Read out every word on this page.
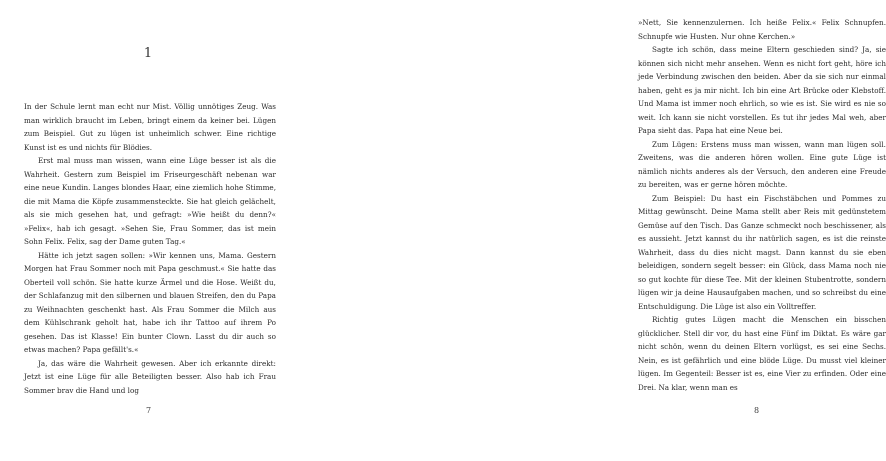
1

In der Schule lernt man echt nur Mist. Völlig unnötiges Zeug. Was man wirklich braucht im Leben, bringt einem da keiner bei. Lügen zum Beispiel. Gut zu lügen ist unheimlich schwer. Eine richtige Kunst ist es und nichts für Blödies.

Erst mal muss man wissen, wann eine Lüge besser ist als die Wahrheit. Gestern zum Beispiel im Friseurgeschäft nebenan war eine neue Kundin. Langes blondes Haar, eine ziemlich hohe Stimme, die mit Mama die Köpfe zusammensteckte. Sie hat gleich gelächelt, als sie mich gesehen hat, und gefragt: »Wie heißt du denn?« »Felix«, hab ich gesagt. »Sehen Sie, Frau Sommer, das ist mein Sohn Felix. Felix, sag der Dame guten Tag.«

Hätte ich jetzt sagen sollen: »Wir kennen uns, Mama. Gestern Morgen hat Frau Sommer noch mit Papa geschmust.« Sie hatte das Oberteil voll schön. Sie hatte kurze Ärmel und die Hose. Weißt du, der Schlafanzug mit den silbernen und blauen Streifen, den du Papa zu Weihnachten geschenkt hast. Als Frau Sommer die Milch aus dem Kühlschrank geholt hat, habe ich ihr Tattoo auf ihrem Po gesehen. Das ist Klasse! Ein bunter Clown. Lasst du dir auch so etwas machen? Papa gefällt's.«

Ja, das wäre die Wahrheit gewesen. Aber ich erkannte direkt: Jetzt ist eine Lüge für alle Beteiligten besser. Also hab ich Frau Sommer brav die Hand und log

7

»Nett, Sie kennenzulernen. Ich heiße Felix.« Felix Schnupfen. Schnupfe wie Husten. Nur ohne Kerchen.»

Sagte ich schön, dass meine Eltern geschieden sind? Ja, sie können sich nicht mehr ansehen. Wenn es nicht fort geht, höre ich jede Verbindung zwischen den beiden. Aber da sie sich nur einmal haben, geht es ja mir nicht. Ich bin eine Art Brücke oder Klebstoff. Und Mama ist immer noch ehrlich, so wie es ist. Sie wird es nie so weit. Ich kann sie nicht vorstellen. Es tut ihr jedes Mal weh, aber Papa sieht das. Papa hat eine Neue bei.

Zum Lügen: Erstens muss man wissen, wann man lügen soll. Zweitens, was die anderen hören wollen. Eine gute Lüge ist nämlich nichts anderes als der Versuch, den anderen eine Freude zu bereiten, was er gerne hören möchte.

Zum Beispiel: Du hast ein Fischstäbchen und Pommes zu Mittag gewünscht. Deine Mama stellt aber Reis mit gedünstetem Gemüse auf den Tisch. Das Ganze schmeckt noch beschissener, als es aussieht. Jetzt kannst du ihr natürlich sagen, es ist die reinste Wahrheit, dass du dies nicht magst. Dann kannst du sie eben beleidigen, sondern segelt besser: ein Glück, dass Mama noch nie so gut kochte für diese Tee. Mit der kleinen Stubentrotte, sondern lügen wir ja deine Hausaufgaben machen, und so schreibst du eine Entschuldigung. Die Lüge ist also ein Volltreffer.

Richtig gutes Lügen macht die Menschen ein bisschen glücklicher. Stell dir vor, du hast eine Fünf im Diktat. Es wäre gar nicht schön, wenn du deinen Eltern vorlügst, es sei eine Sechs. Nein, es ist gefährlich und eine blöde Lüge. Du musst viel kleiner lügen. Im Gegenteil: Besser ist es, eine Vier zu erfinden. Oder eine Drei. Na klar, wenn man es

8
